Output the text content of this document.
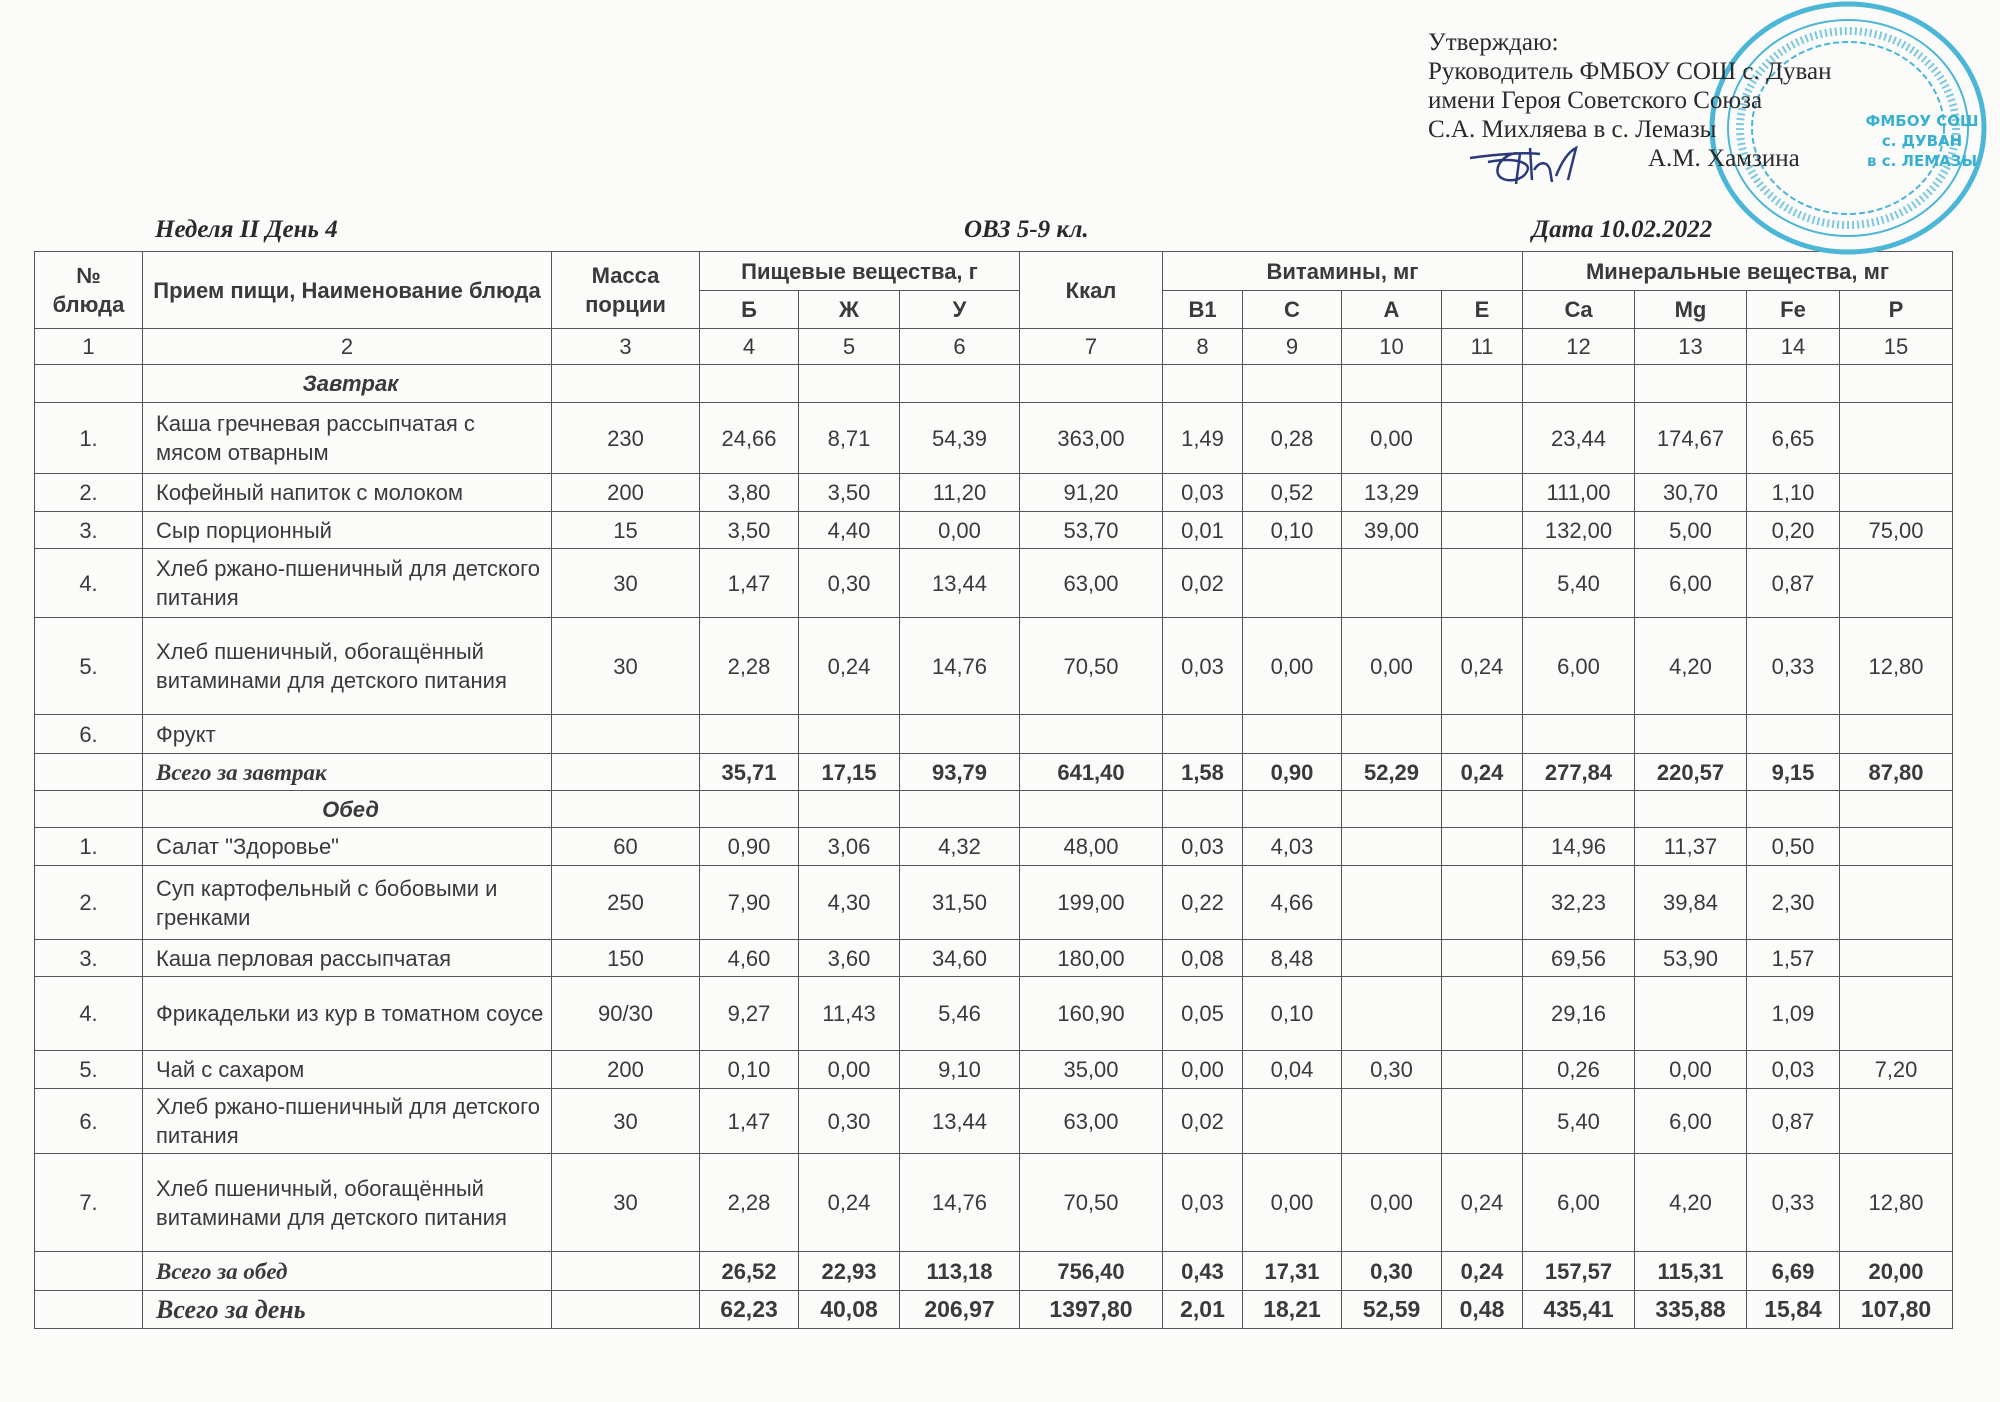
ФМБОУ СОШ
с. ДУВАН
в с. ЛЕМАЗЫ
Утверждаю:
Руководитель ФМБОУ СОШ с. Дуван
имени Героя Советского Союза
С.А. Михляева в с. Лемазы
А.М. Хамзина
Неделя II День 4	ОВЗ 5-9 кл.	Дата 10.02.2022
№ блюда	Прием пищи, Наименование блюда	Масса порции	Пищевые вещества, г			Ккал	Витамины, мг				Минеральные вещества, мг			
			Б	Ж	У		B1	C	A	E	Ca	Mg	Fe	P
1	2	3	4	5	6	7	8	9	10	11	12	13	14	15
	Завтрак													
1.	Каша гречневая рассыпчатая с мясом отварным	230	24,66	8,71	54,39	363,00	1,49	0,28	0,00		23,44	174,67	6,65	
2.	Кофейный напиток с молоком	200	3,80	3,50	11,20	91,20	0,03	0,52	13,29		111,00	30,70	1,10	
3.	Сыр порционный	15	3,50	4,40	0,00	53,70	0,01	0,10	39,00		132,00	5,00	0,20	75,00
4.	Хлеб ржано-пшеничный для детского питания	30	1,47	0,30	13,44	63,00	0,02				5,40	6,00	0,87	
5.	Хлеб пшеничный, обогащённый витаминами для детского питания	30	2,28	0,24	14,76	70,50	0,03	0,00	0,00	0,24	6,00	4,20	0,33	12,80
6.	Фрукт													
	Всего за завтрак		35,71	17,15	93,79	641,40	1,58	0,90	52,29	0,24	277,84	220,57	9,15	87,80
	Обед													
1.	Салат "Здоровье"	60	0,90	3,06	4,32	48,00	0,03	4,03			14,96	11,37	0,50	
2.	Суп картофельный с бобовыми и гренками	250	7,90	4,30	31,50	199,00	0,22	4,66			32,23	39,84	2,30	
3.	Каша перловая рассыпчатая	150	4,60	3,60	34,60	180,00	0,08	8,48			69,56	53,90	1,57	
4.	Фрикадельки из кур в томатном соусе	90/30	9,27	11,43	5,46	160,90	0,05	0,10			29,16		1,09	
5.	Чай с сахаром	200	0,10	0,00	9,10	35,00	0,00	0,04	0,30		0,26	0,00	0,03	7,20
6.	Хлеб ржано-пшеничный для детского питания	30	1,47	0,30	13,44	63,00	0,02				5,40	6,00	0,87	
7.	Хлеб пшеничный, обогащённый витаминами для детского питания	30	2,28	0,24	14,76	70,50	0,03	0,00	0,00	0,24	6,00	4,20	0,33	12,80
	Всего за обед		26,52	22,93	113,18	756,40	0,43	17,31	0,30	0,24	157,57	115,31	6,69	20,00
	Всего за день		62,23	40,08	206,97	1397,80	2,01	18,21	52,59	0,48	435,41	335,88	15,84	107,80
